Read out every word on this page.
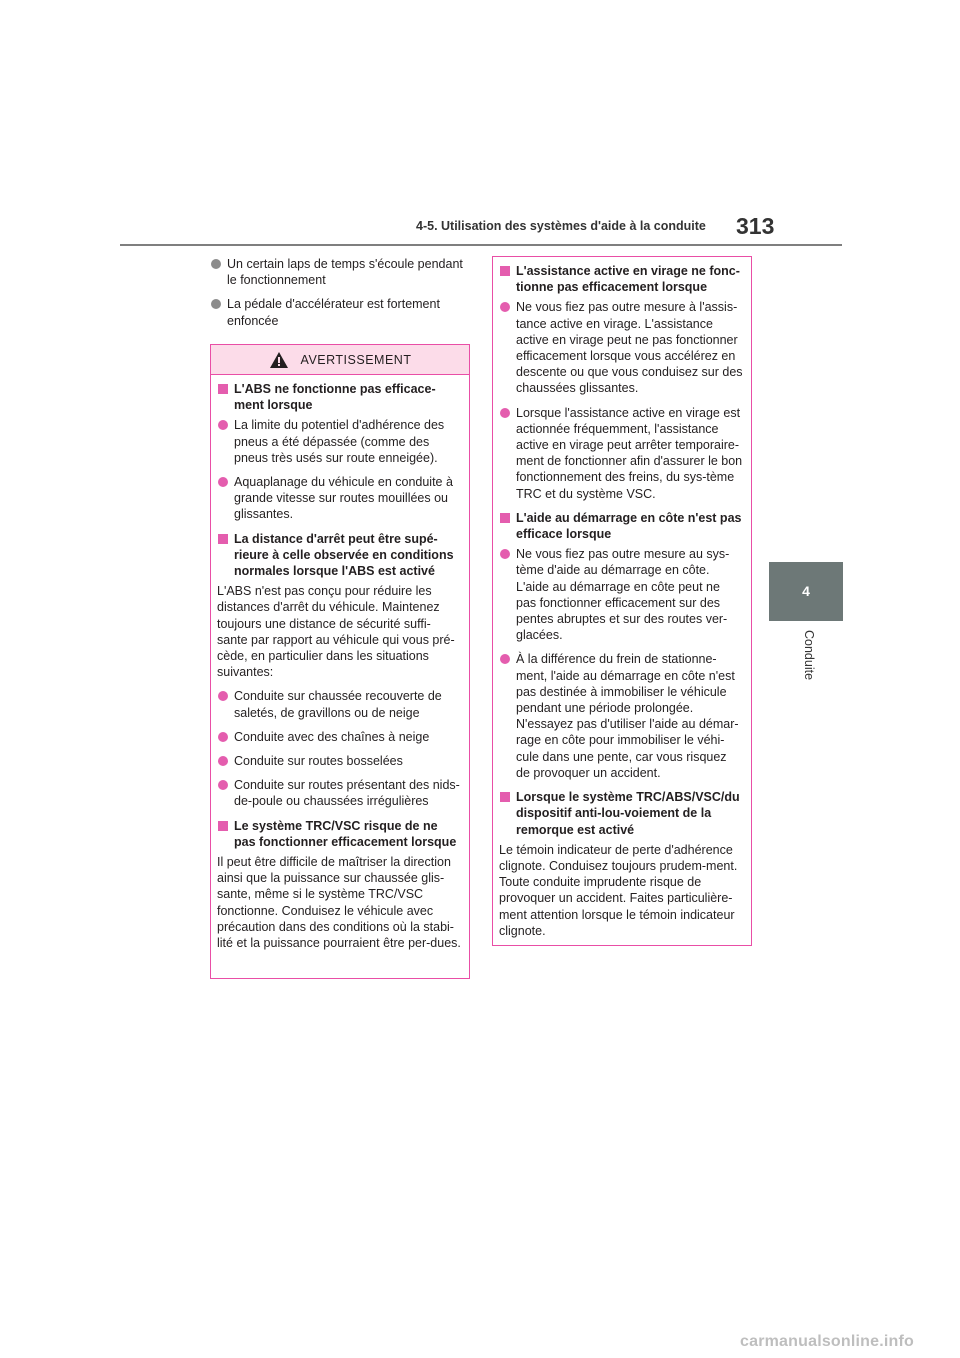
4-5. Utilisation des systèmes d'aide à la conduite 313
4
Conduite
Un certain laps de temps s'écoule pendant le fonctionnement
La pédale d'accélérateur est fortement enfoncée
AVERTISSEMENT
L'ABS ne fonctionne pas efficace-ment lorsque
La limite du potentiel d'adhérence des pneus a été dépassée (comme des pneus très usés sur route enneigée).
Aquaplanage du véhicule en conduite à grande vitesse sur routes mouillées ou glissantes.
La distance d'arrêt peut être supé-rieure à celle observée en conditions normales lorsque l'ABS est activé
L'ABS n'est pas conçu pour réduire les distances d'arrêt du véhicule. Maintenez toujours une distance de sécurité suffi-sante par rapport au véhicule qui vous pré-cède, en particulier dans les situations suivantes:
Conduite sur chaussée recouverte de saletés, de gravillons ou de neige
Conduite avec des chaînes à neige
Conduite sur routes bosselées
Conduite sur routes présentant des nids-de-poule ou chaussées irrégulières
Le système TRC/VSC risque de ne pas fonctionner efficacement lorsque
Il peut être difficile de maîtriser la direction ainsi que la puissance sur chaussée glis-sante, même si le système TRC/VSC fonctionne. Conduisez le véhicule avec précaution dans des conditions où la stabi-lité et la puissance pourraient être per-dues.
L'assistance active en virage ne fonc-tionne pas efficacement lorsque
Ne vous fiez pas outre mesure à l'assis-tance active en virage. L'assistance active en virage peut ne pas fonctionner efficacement lorsque vous accélérez en descente ou que vous conduisez sur des chaussées glissantes.
Lorsque l'assistance active en virage est actionnée fréquemment, l'assistance active en virage peut arrêter temporaire-ment de fonctionner afin d'assurer le bon fonctionnement des freins, du sys-tème TRC et du système VSC.
L'aide au démarrage en côte n'est pas efficace lorsque
Ne vous fiez pas outre mesure au sys-tème d'aide au démarrage en côte. L'aide au démarrage en côte peut ne pas fonctionner efficacement sur des pentes abruptes et sur des routes ver-glacées.
À la différence du frein de stationne-ment, l'aide au démarrage en côte n'est pas destinée à immobiliser le véhicule pendant une période prolongée. N'essayez pas d'utiliser l'aide au démar-rage en côte pour immobiliser le véhi-cule dans une pente, car vous risquez de provoquer un accident.
Lorsque le système TRC/ABS/VSC/du dispositif anti-lou-voiement de la remorque est activé
Le témoin indicateur de perte d'adhérence clignote. Conduisez toujours prudem-ment. Toute conduite imprudente risque de provoquer un accident. Faites particulière-ment attention lorsque le témoin indicateur clignote.
carmanualsonline.info
